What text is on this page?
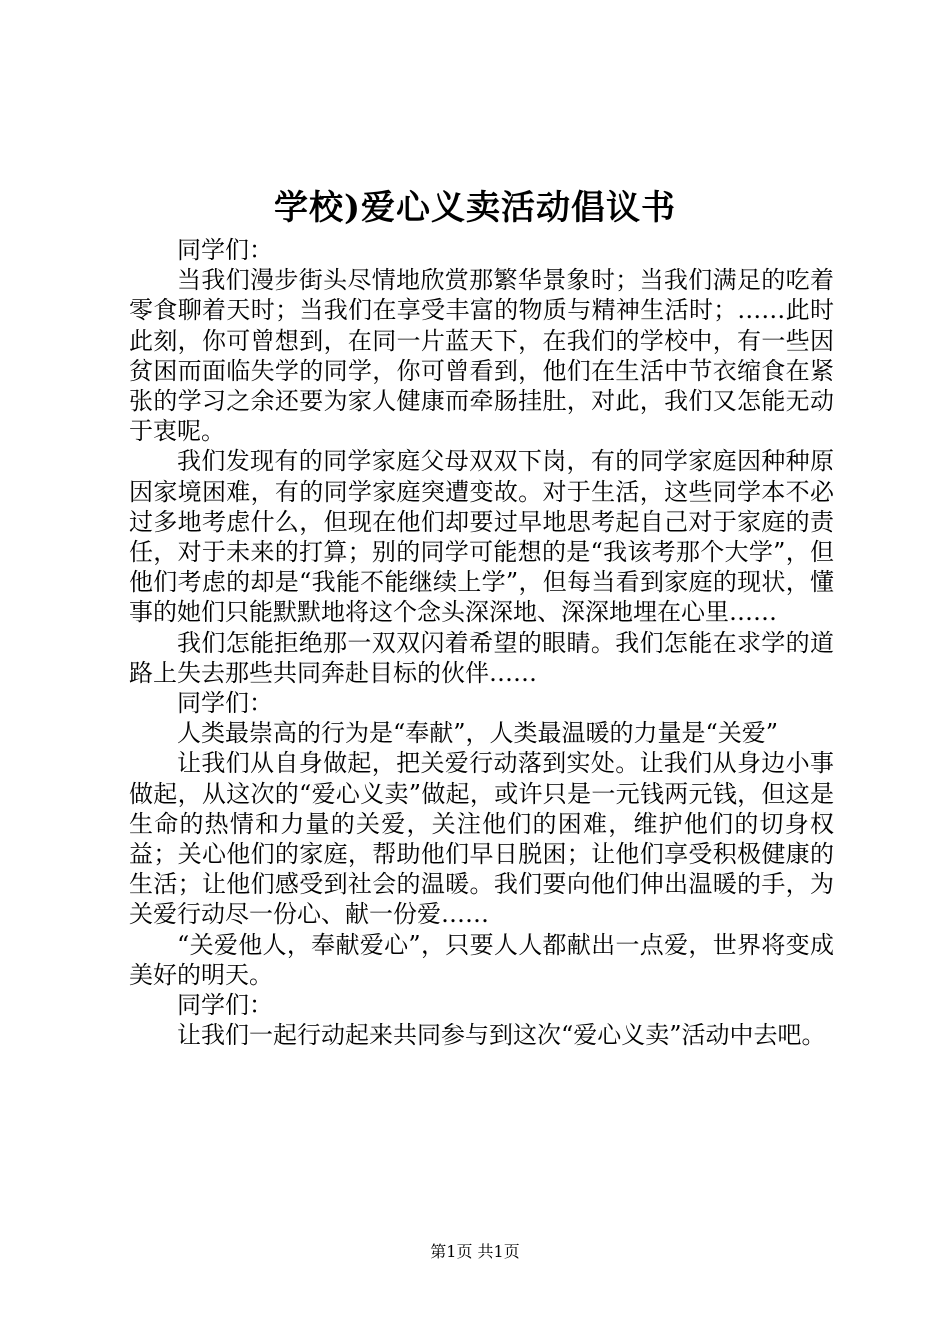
学校)爱心义卖活动倡议书

同学们：

当我们漫步街头尽情地欣赏那繁华景象时；当我们满足的吃着零食聊着天时；当我们在享受丰富的物质与精神生活时；……此时此刻，你可曾想到，在同一片蓝天下，在我们的学校中，有一些因贫困而面临失学的同学，你可曾看到，他们在生活中节衣缩食在紧张的学习之余还要为家人健康而牵肠挂肚，对此，我们又怎能无动于衷呢。

我们发现有的同学家庭父母双双下岗，有的同学家庭因种种原因家境困难，有的同学家庭突遭变故。对于生活，这些同学本不必过多地考虑什么，但现在他们却要过早地思考起自己对于家庭的责任，对于未来的打算；别的同学可能想的是“我该考那个大学”，但他们考虑的却是“我能不能继续上学”，但每当看到家庭的现状，懂事的她们只能默默地将这个念头深深地、深深地埋在心里……

我们怎能拒绝那一双双闪着希望的眼睛。我们怎能在求学的道路上失去那些共同奔赴目标的伙伴……

同学们：

人类最崇高的行为是“奉献”，人类最温暖的力量是“关爱”

让我们从自身做起，把关爱行动落到实处。让我们从身边小事做起，从这次的“爱心义卖”做起，或许只是一元钱两元钱，但这是生命的热情和力量的关爱，关注他们的困难，维护他们的切身权益；关心他们的家庭，帮助他们早日脱困；让他们享受积极健康的生活；让他们感受到社会的温暖。我们要向他们伸出温暖的手，为关爱行动尽一份心、献一份爱……

“关爱他人，奉献爱心”，只要人人都献出一点爱，世界将变成美好的明天。

同学们：

让我们一起行动起来共同参与到这次“爱心义卖”活动中去吧。

第1页 共1页
